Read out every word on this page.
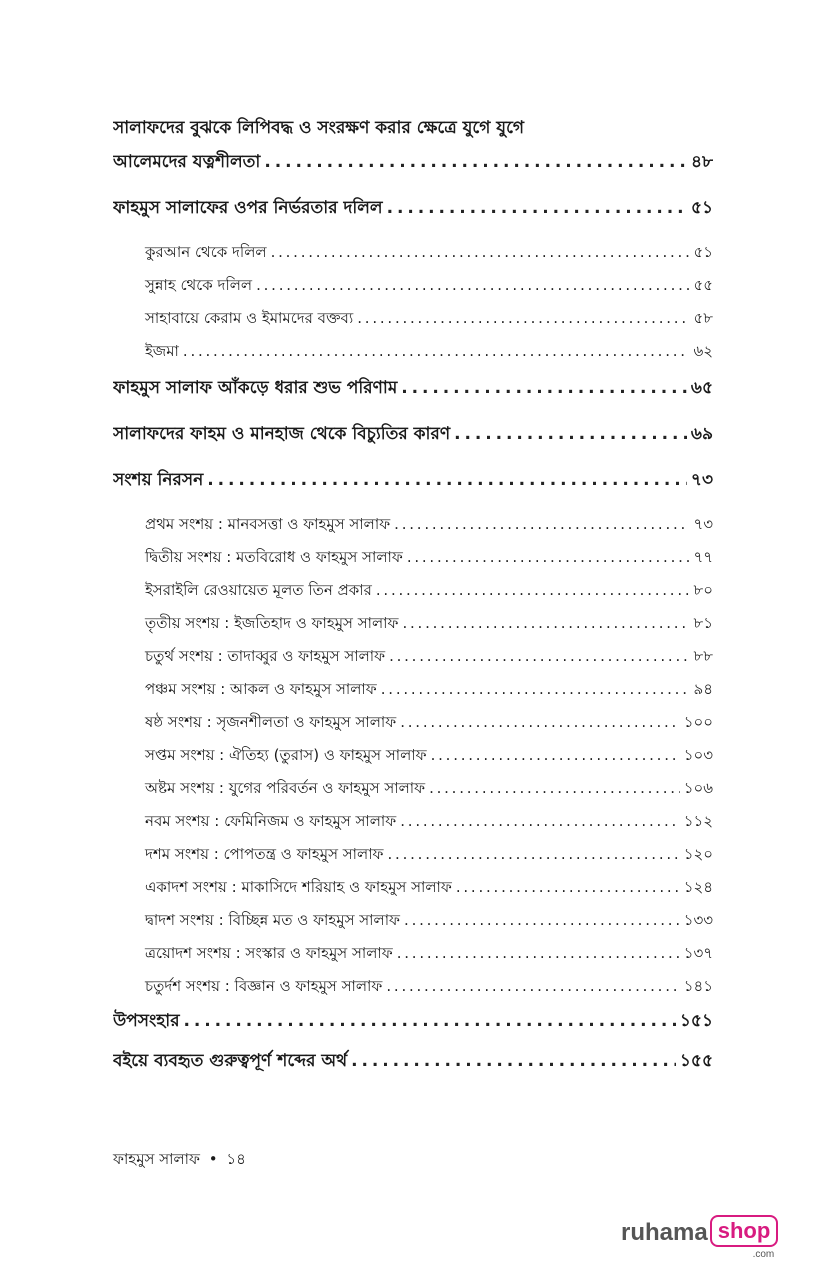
সালাফদের বুঝকে লিপিবদ্ধ ও সংরক্ষণ করার ক্ষেত্রে যুগে যুগে
আলেমদের যত্নশীলতা . . .	৪৮
ফাহমুস সালাফের ওপর নির্ভরতার দলিল . . .	৫১
কুরআন থেকে দলিল . . .	৫১
সুন্নাহ থেকে দলিল . . .	৫৫
সাহাবায়ে কেরাম ও ইমামদের বক্তব্য . . .	৫৮
ইজমা . . .	৬২
ফাহমুস সালাফ আঁকড়ে ধরার শুভ পরিণাম . . .	৬৫
সালাফদের ফাহম ও মানহাজ থেকে বিচ্যুতির কারণ . . .	৬৯
সংশয় নিরসন . . .	৭৩
প্রথম সংশয় : মানবসত্তা ও ফাহমুস সালাফ . . .	৭৩
দ্বিতীয় সংশয় : মতবিরোধ ও ফাহমুস সালাফ . . .	৭৭
ইসরাইলি রেওয়ায়েত মূলত তিন প্রকার . . .	৮০
তৃতীয় সংশয় : ইজতিহাদ ও ফাহমুস সালাফ . . .	৮১
চতুর্থ সংশয় : তাদাব্বুর ও ফাহমুস সালাফ . . .	৮৮
পঞ্চম সংশয় : আকল ও ফাহমুস সালাফ . . .	৯৪
ষষ্ঠ সংশয় : সৃজনশীলতা ও ফাহমুস সালাফ . . .	১০০
সপ্তম সংশয় : ঐতিহ্য (তুরাস) ও ফাহমুস সালাফ . . .	১০৩
অষ্টম সংশয় : যুগের পরিবর্তন ও ফাহমুস সালাফ . . .	১০৬
নবম সংশয় : ফেমিনিজম ও ফাহমুস সালাফ . . .	১১২
দশম সংশয় : পোপতন্ত্র ও ফাহমুস সালাফ . . .	১২০
একাদশ সংশয় : মাকাসিদে শরিয়াহ ও ফাহমুস সালাফ . . .	১২৪
দ্বাদশ সংশয় : বিচ্ছিন্ন মত ও ফাহমুস সালাফ . . .	১৩৩
ত্রয়োদশ সংশয় : সংস্কার ও ফাহমুস সালাফ . . .	১৩৭
চতুর্দশ সংশয় : বিজ্ঞান ও ফাহমুস সালাফ . . .	১৪১
উপসংহার . . .	১৫১
বইয়ে ব্যবহৃত গুরুত্বপূর্ণ শব্দের অর্থ . . .	১৫৫
ফাহমুস সালাফ • ১৪
ruhama shop
.com
